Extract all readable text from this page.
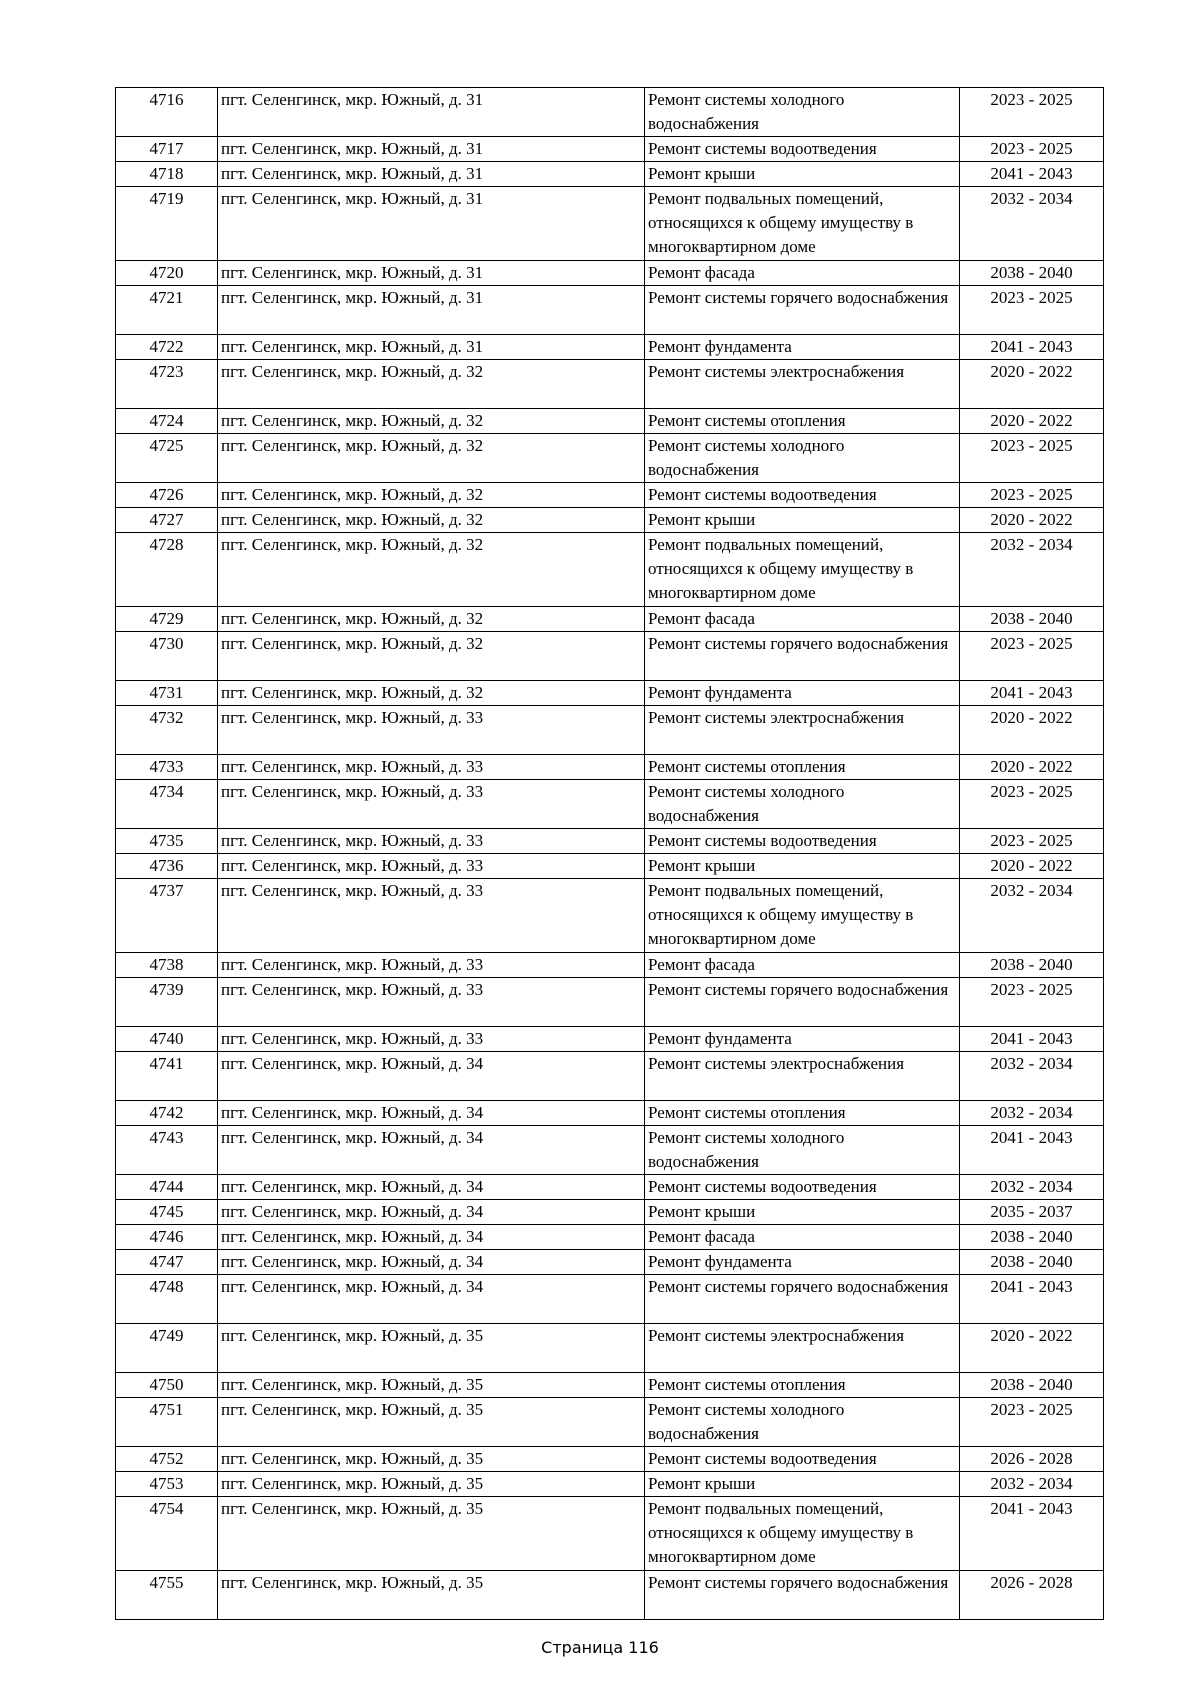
4716	пгт. Селенгинск, мкр. Южный, д. 31	Ремонт системы холодного водоснабжения	2023 - 2025
4717	пгт. Селенгинск, мкр. Южный, д. 31	Ремонт системы водоотведения	2023 - 2025
4718	пгт. Селенгинск, мкр. Южный, д. 31	Ремонт крыши	2041 - 2043
4719	пгт. Селенгинск, мкр. Южный, д. 31	Ремонт подвальных помещений, относящихся к общему имуществу в многоквартирном доме	2032 - 2034
4720	пгт. Селенгинск, мкр. Южный, д. 31	Ремонт фасада	2038 - 2040
4721	пгт. Селенгинск, мкр. Южный, д. 31	Ремонт системы горячего водоснабжения	2023 - 2025
4722	пгт. Селенгинск, мкр. Южный, д. 31	Ремонт фундамента	2041 - 2043
4723	пгт. Селенгинск, мкр. Южный, д. 32	Ремонт системы электроснабжения	2020 - 2022
4724	пгт. Селенгинск, мкр. Южный, д. 32	Ремонт системы отопления	2020 - 2022
4725	пгт. Селенгинск, мкр. Южный, д. 32	Ремонт системы холодного водоснабжения	2023 - 2025
4726	пгт. Селенгинск, мкр. Южный, д. 32	Ремонт системы водоотведения	2023 - 2025
4727	пгт. Селенгинск, мкр. Южный, д. 32	Ремонт крыши	2020 - 2022
4728	пгт. Селенгинск, мкр. Южный, д. 32	Ремонт подвальных помещений, относящихся к общему имуществу в многоквартирном доме	2032 - 2034
4729	пгт. Селенгинск, мкр. Южный, д. 32	Ремонт фасада	2038 - 2040
4730	пгт. Селенгинск, мкр. Южный, д. 32	Ремонт системы горячего водоснабжения	2023 - 2025
4731	пгт. Селенгинск, мкр. Южный, д. 32	Ремонт фундамента	2041 - 2043
4732	пгт. Селенгинск, мкр. Южный, д. 33	Ремонт системы электроснабжения	2020 - 2022
4733	пгт. Селенгинск, мкр. Южный, д. 33	Ремонт системы отопления	2020 - 2022
4734	пгт. Селенгинск, мкр. Южный, д. 33	Ремонт системы холодного водоснабжения	2023 - 2025
4735	пгт. Селенгинск, мкр. Южный, д. 33	Ремонт системы водоотведения	2023 - 2025
4736	пгт. Селенгинск, мкр. Южный, д. 33	Ремонт крыши	2020 - 2022
4737	пгт. Селенгинск, мкр. Южный, д. 33	Ремонт подвальных помещений, относящихся к общему имуществу в многоквартирном доме	2032 - 2034
4738	пгт. Селенгинск, мкр. Южный, д. 33	Ремонт фасада	2038 - 2040
4739	пгт. Селенгинск, мкр. Южный, д. 33	Ремонт системы горячего водоснабжения	2023 - 2025
4740	пгт. Селенгинск, мкр. Южный, д. 33	Ремонт фундамента	2041 - 2043
4741	пгт. Селенгинск, мкр. Южный, д. 34	Ремонт системы электроснабжения	2032 - 2034
4742	пгт. Селенгинск, мкр. Южный, д. 34	Ремонт системы отопления	2032 - 2034
4743	пгт. Селенгинск, мкр. Южный, д. 34	Ремонт системы холодного водоснабжения	2041 - 2043
4744	пгт. Селенгинск, мкр. Южный, д. 34	Ремонт системы водоотведения	2032 - 2034
4745	пгт. Селенгинск, мкр. Южный, д. 34	Ремонт крыши	2035 - 2037
4746	пгт. Селенгинск, мкр. Южный, д. 34	Ремонт фасада	2038 - 2040
4747	пгт. Селенгинск, мкр. Южный, д. 34	Ремонт фундамента	2038 - 2040
4748	пгт. Селенгинск, мкр. Южный, д. 34	Ремонт системы горячего водоснабжения	2041 - 2043
4749	пгт. Селенгинск, мкр. Южный, д. 35	Ремонт системы электроснабжения	2020 - 2022
4750	пгт. Селенгинск, мкр. Южный, д. 35	Ремонт системы отопления	2038 - 2040
4751	пгт. Селенгинск, мкр. Южный, д. 35	Ремонт системы холодного водоснабжения	2023 - 2025
4752	пгт. Селенгинск, мкр. Южный, д. 35	Ремонт системы водоотведения	2026 - 2028
4753	пгт. Селенгинск, мкр. Южный, д. 35	Ремонт крыши	2032 - 2034
4754	пгт. Селенгинск, мкр. Южный, д. 35	Ремонт подвальных помещений, относящихся к общему имуществу в многоквартирном доме	2041 - 2043
4755	пгт. Селенгинск, мкр. Южный, д. 35	Ремонт системы горячего водоснабжения	2026 - 2028
Страница 116
